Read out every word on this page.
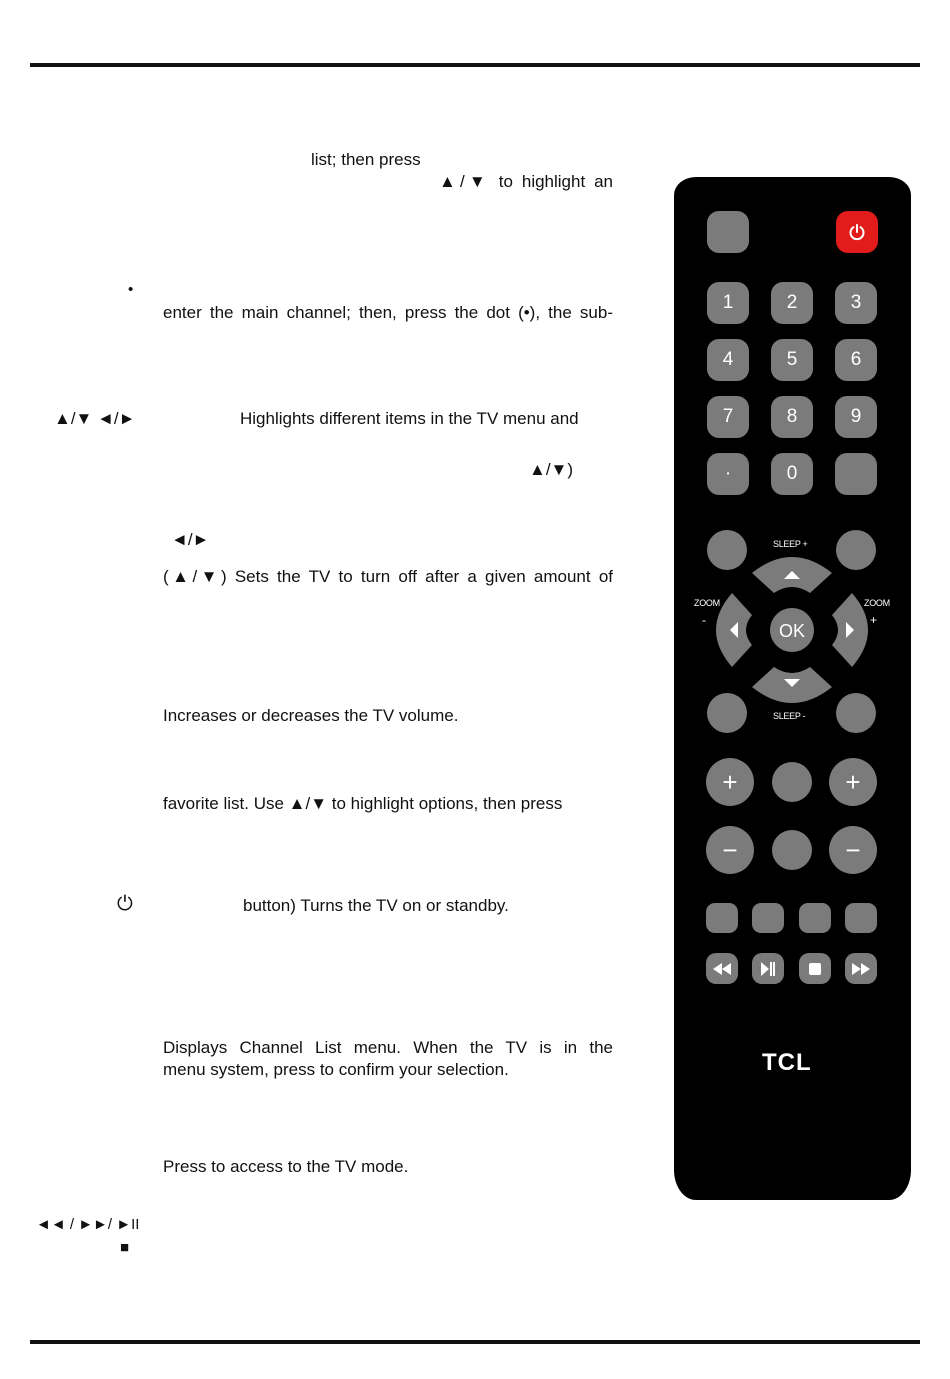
list; then press
▲/▼ to highlight an
•
enter the main channel; then, press the dot (•), the sub-
▲/▼ ◄/►	Highlights different items in the TV menu and
▲/▼)
◄/►
(▲/▼) Sets the TV to turn off after a given amount of
Increases or decreases the TV volume.
favorite list. Use ▲/▼ to highlight options, then press
⏻	button) Turns the TV on or standby.
Displays Channel List menu. When the TV is in the
menu system, press to confirm your selection.
Press to access to the TV mode.
◄◄ / ►►/ ►II
■
1	2	3
4	5	6
7	8	9
·	0
SLEEP +
ZOOM
-
ZOOM
+
OK
SLEEP -
+	+
−	−
TCL
